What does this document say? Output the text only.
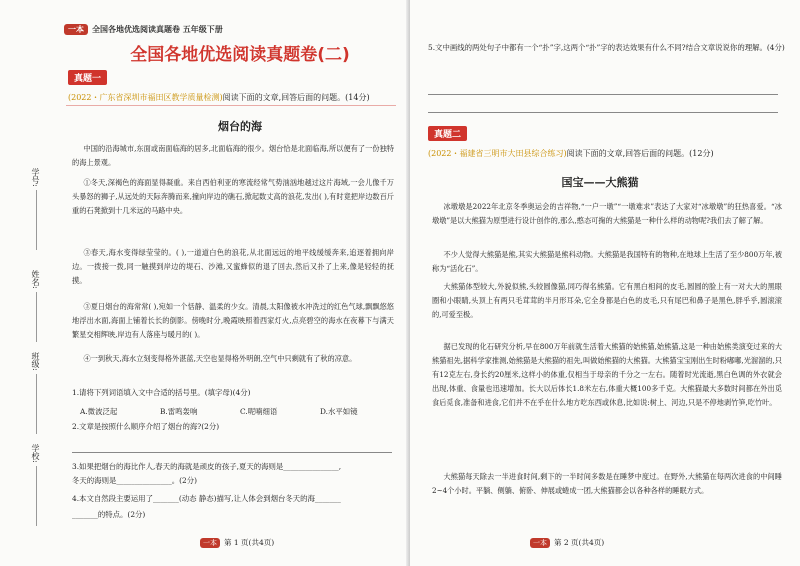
一本 全国各地优选阅读真题卷 五年级下册
全国各地优选阅读真题卷(二)
真题一
(2022・广东省深圳市福田区教学质量检测)阅读下面的文章,回答后面的问题。(14分)
烟台的海
中国的沿海城市,东面或南面临海的居多,北面临海的很少。烟台恰是北面临海,所以便有了一份独特的海上景观。
①冬天,深褐色的海面显得凝重。来自西伯利亚的寒流经常气势汹汹地越过这片海域,一会儿像千万头暴怒的狮子,从远处的天际奔腾而来,撞向岸边的礁石,掀起数丈高的浪花,发出( ),有时竟把岸边数百斤重的石凳掀到十几米远的马路中央。
③春天,海水变得绿莹莹的。( ),一道道白色的浪花,从北面远远的地平线缓缓奔来,追逐着拥向岸边。一拨接一拨,同一触摸到岸边的堤石、沙滩,又蜜蜂似的退了回去,然后又扑了上来,像是轻轻的抚摸。
③夏日烟台的海常常( ),宛如一个恬静、温柔的少女。清晨,太阳像被水冲洗过的红色气球,飘飘悠悠地浮出水面,海面上铺着长长的倒影。傍晚时分,晚霞映照着西家灯火,点亮碧空的海水在夜幕下与满天繁星交相辉映,岸边有人落座与暖月的( )。
④一到秋天,海水立刻变得格外湛蓝,天空也显得格外明朗,空气中只剩就有了秋的凉意。
1.请将下列词语填入文中合适的括号里。(填字母)(4分)
A.微波泛起	B.雷鸣轰响	C.呢喃细语	D.水平如镜
2.文章是按照什么顺序介绍了烟台的海?(2分)
3.如果把烟台的海比作人,春天的海就是顽皮的孩子,夏天的海则是_______________,
冬天的海则是_______________。(2分)
4.本文自然段主要运用了_______(动态 静态)描写,让人体会到烟台冬天的海_______
_______的特点。(2分)
学号:
姓名:
班级:
学校:
一本 第 1 页(共4页)
5.文中画线的两处句子中都有一个“扑”字,这两个“扑”字的表达效果有什么不同?结合文章说说你的理解。(4分)
真题二
(2022・福建省三明市大田县综合练习)阅读下面的文章,回答后面的问题。(12分)
国宝——大熊猫
冰墩墩是2022年北京冬季奥运会的吉祥物,“一户一墩”“一墩难求”表达了大家对“冰墩墩”的狂热喜爱。“冰墩墩”是以大熊猫为原型进行设计创作的,那么,憨态可掬的大熊猫是一种什么样的动物呢?我们去了解了解。
不少人觉得大熊猫是熊,其实大熊猫是熊科动物。大熊猫是我国特有的物种,在地球上生活了至少800万年,被称为“活化石”。
大熊猫体型较大,外貌似熊,头较圆像猫,同巧得名熊猫。它有黑白相间的皮毛,圆圆的脸上有一对大大的黑眼圈和小眼睛,头顶上有两只毛茸茸的半月形耳朵,它全身都是白色的皮毛,只有尾巴和鼻子是黑色,胖乎乎,圆滚滚的,可爱至极。
据已发现的化石研究分析,早在800万年前就生活着大熊猫的始熊猫,始熊猫,这是一种由始熊类演变过来的大熊猫祖先,据科学家推测,始熊猫是大熊猫的祖先,叫做始熊猫的大熊猫。大熊猫宝宝刚出生时粉嘟嘟,光溜溜的,只有12克左右,身长约20厘米,这样小的体重,仅相当于母亲的千分之一左右。随着时光流逝,黑白色调的外衣就会出现,体重、食量也迅速增加。长大以后体长1.8米左右,体重大概100多千克。大熊猫最大多数时间都在外出觅食后觅食,准备和进食,它们并不在乎在什么地方吃东西或休息,比如说:树上、河边,只是不停地剥竹笋,吃竹叶。
大熊猫每天除去一半进食时间,剩下的一半时间多数是在睡梦中度过。在野外,大熊猫在每两次进食的中间睡2~4个小时。平躺、侧躺、俯卧、伸展或蜷成一团,大熊猫都会以各种各样的睡眠方式。
一本 第 2 页(共4页)
